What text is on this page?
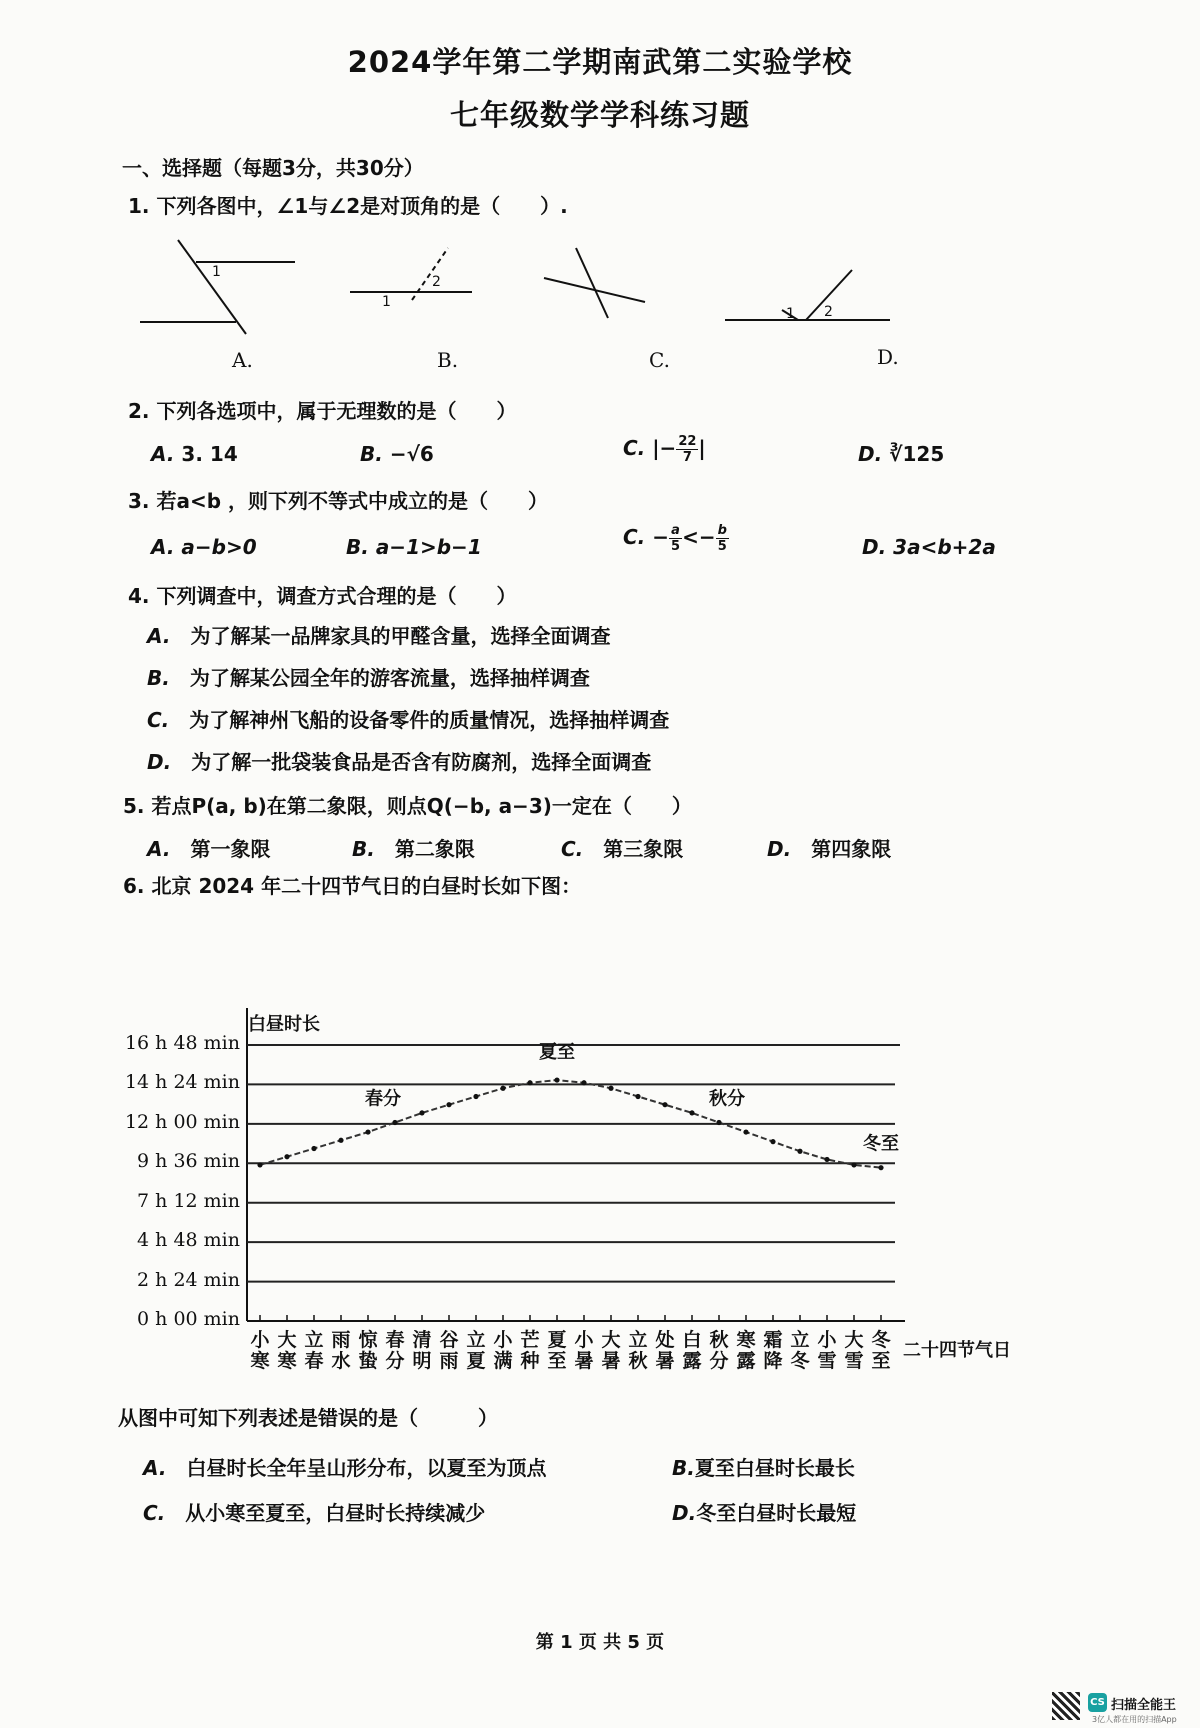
2024学年第二学期南武第二实验学校
七年级数学学科练习题
一、选择题（每题3分，共30分）
1. 下列各图中，∠1与∠2是对顶角的是（　　）.
1
1
2
1 2
A.	B.	C.	D.
2. 下列各选项中，属于无理数的是（　　）
A. 3. 14	B. −√6	C. |− $\frac{22}{7}$ |	D. ∛125
3. 若a<b ，则下列不等式中成立的是（　　）
A. a−b>0	B. a−1>b−1	C. − $\frac{a}{5} <- \frac{b}{5}$	D. 3a<b+2a
4. 下列调查中，调查方式合理的是（　　）
A.　 为了解某一品牌家具的甲醛含量，选择全面调查
B.　 为了解某公园全年的游客流量，选择抽样调查
C.　 为了解神州飞船的设备零件的质量情况，选择抽样调查
D.　 为了解一批袋装食品是否含有防腐剂，选择全面调查
5. 若点P(a, b)在第二象限，则点Q(−b, a−3)一定在（　　）
A.　 第一象限	B.　 第二象限	C.　 第三象限	D.　 第四象限
6. 北京 2024 年二十四节气日的白昼时长如下图：
白昼时长
春分
夏至
秋分
冬至
0 h 00 min
2 h 24 min
4 h 48 min
7 h 12 min
9 h 36 min
12 h 00 min
14 h 24 min
16 h 48 min
小
寒
大
寒
立
春
雨
水
惊
蛰
春
分
清
明
谷
雨
立
夏
小
满
芒
种
夏
至
小
暑
大
暑
立
秋
处
暑
白
露
秋
分
寒
露
霜
降
立
冬
小
雪
大
雪
冬
至 二十四节气日
从图中可知下列表述是错误的是（　　　）
A.　 白昼时长全年呈山形分布，以夏至为顶点	B.夏至白昼时长最长
C.　 从小寒至夏至，白昼时长持续减少	D.冬至白昼时长最短
第 1 页 共 5 页
CS 扫描全能王
3亿人都在用的扫描App
